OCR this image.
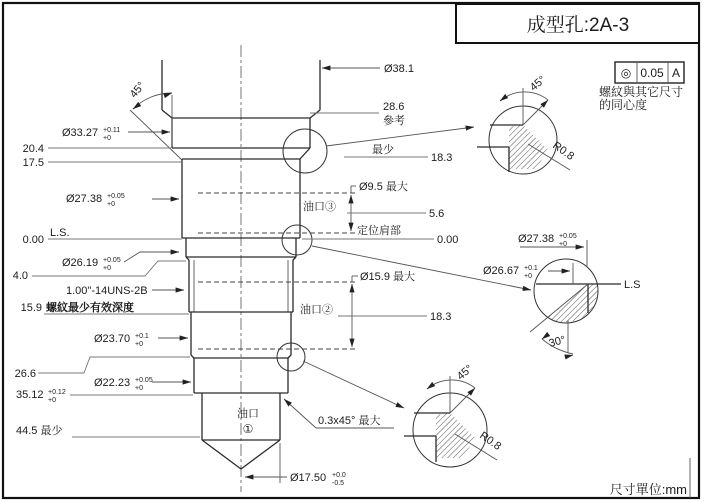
成型孔:2A-3
◎ 0.05 A
螺紋與其它尺寸
的同心度
Ø38.1
28.6
參考
最少
18.3
45°
Ø33.27 +0.11
+0
20.4
17.5
Ø27.38 +0.05
+0
Ø9.5 最大
油口③
5.6
定位肩部
0.00
0.00
L.S.
Ø26.19 +0.05
+0
4.0
1.00"-14UNS-2B
15.9 螺紋最少有效深度
Ø15.9 最大
油口②
18.3
Ø23.70 +0.1
+0
26.6
Ø22.23 +0.05
+0
35.12 +0.12
+0
44.5 最少
油口
①
0.3x45° 最大
Ø17.50 +0.0
-0.5
45°
R0.8
30°
L.S
Ø27.38 +0.05
+0
Ø26.67 +0.1
+0
45°
R0.8
尺寸單位:mm
